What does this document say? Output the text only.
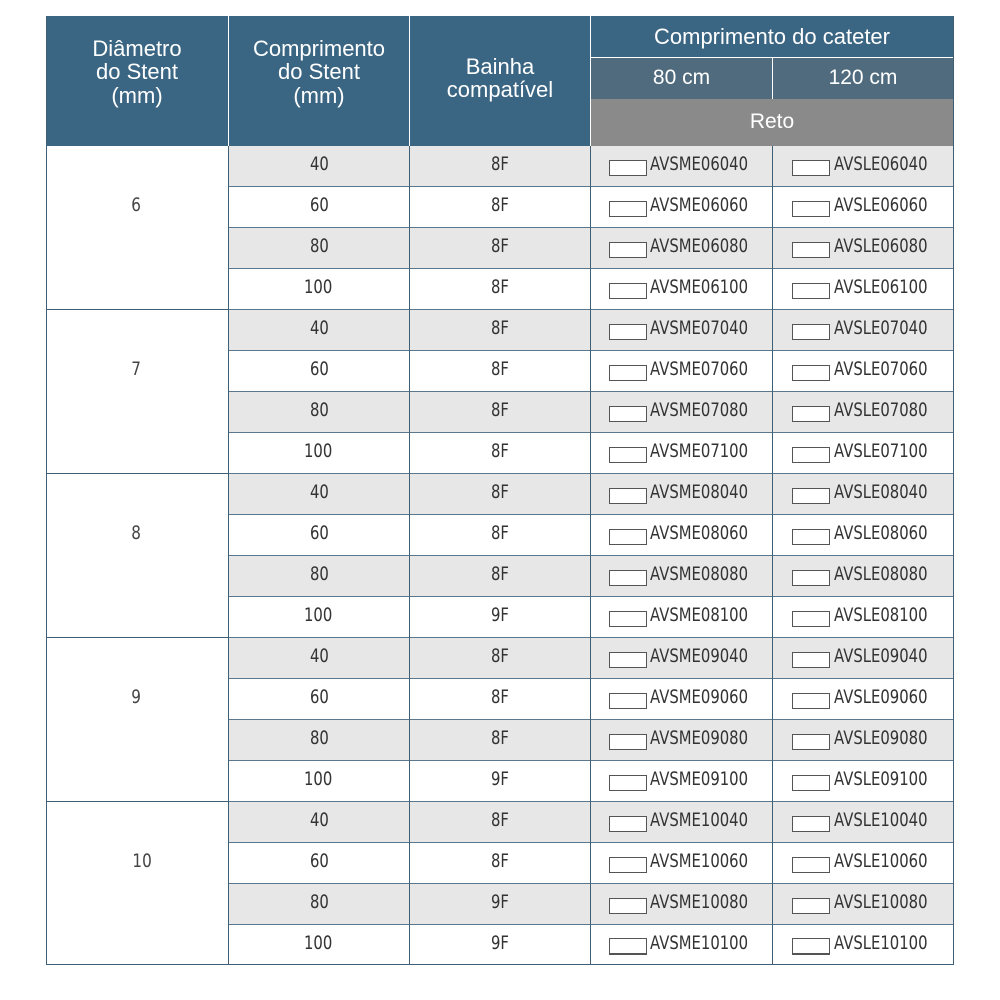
Diâmetro
do Stent
(mm)
Comprimento
do Stent
(mm)
Bainha
compatível
Comprimento do cateter
80 cm	120 cm
Reto
6
40	8F	AVSME06040	AVSLE06040
60	8F	AVSME06060	AVSLE06060
80	8F	AVSME06080	AVSLE06080
100	8F	AVSME06100	AVSLE06100
7
40	8F	AVSME07040	AVSLE07040
60	8F	AVSME07060	AVSLE07060
80	8F	AVSME07080	AVSLE07080
100	8F	AVSME07100	AVSLE07100
8
40	8F	AVSME08040	AVSLE08040
60	8F	AVSME08060	AVSLE08060
80	8F	AVSME08080	AVSLE08080
100	9F	AVSME08100	AVSLE08100
9
40	8F	AVSME09040	AVSLE09040
60	8F	AVSME09060	AVSLE09060
80	8F	AVSME09080	AVSLE09080
100	9F	AVSME09100	AVSLE09100
10
40	8F	AVSME10040	AVSLE10040
60	8F	AVSME10060	AVSLE10060
80	9F	AVSME10080	AVSLE10080
100	9F	AVSME10100	AVSLE10100
